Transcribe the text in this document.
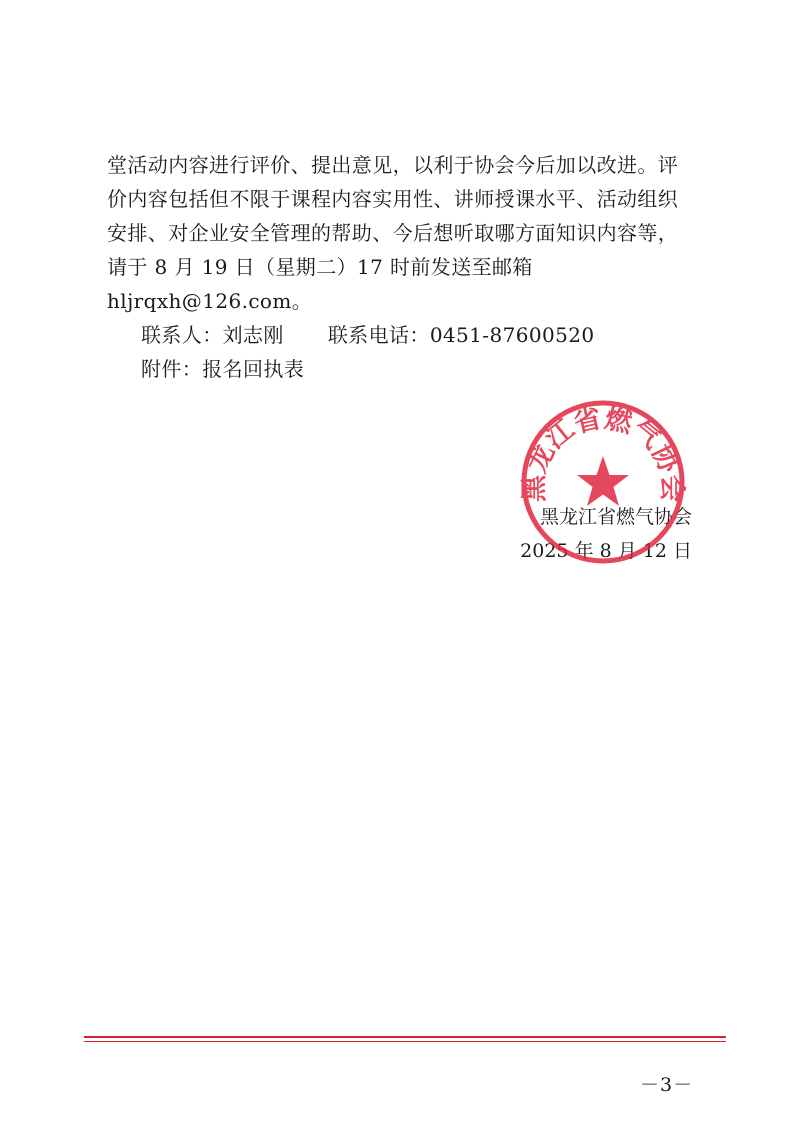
堂活动内容进行评价、提出意见，以利于协会今后加以改进。评

价内容包括但不限于课程内容实用性、讲师授课水平、活动组织

安排、对企业安全管理的帮助、今后想听取哪方面知识内容等，

请于 8 月 19 日（星期二）17 时前发送至邮箱 hljrqxh@126.com。

联系人：刘志刚 联系电话：0451-87600520

附件：报名回执表

黑龙江省燃气协会
2025 年 8 月 12 日
黑龙江省燃气协会
－3－
